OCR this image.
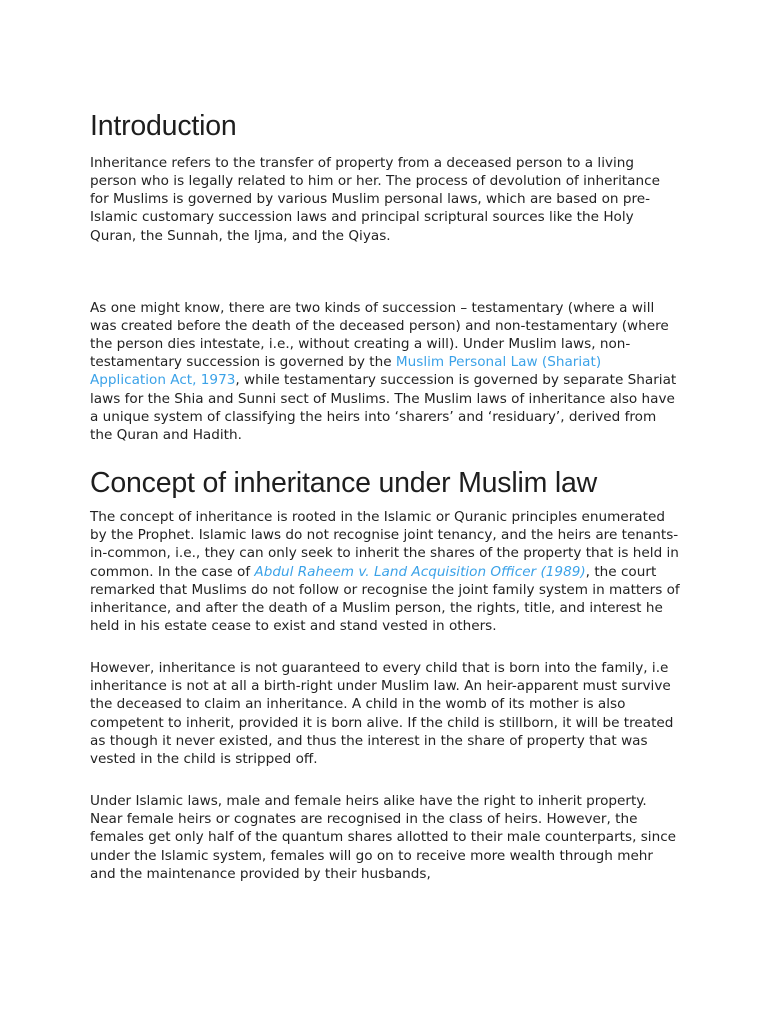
Introduction

Inheritance refers to the transfer of property from a deceased person to a living person who is legally related to him or her. The process of devolution of inheritance for Muslims is governed by various Muslim personal laws, which are based on pre-Islamic customary succession laws and principal scriptural sources like the Holy Quran, the Sunnah, the Ijma, and the Qiyas.

As one might know, there are two kinds of succession – testamentary (where a will was created before the death of the deceased person) and non-testamentary (where the person dies intestate, i.e., without creating a will). Under Muslim laws, non-testamentary succession is governed by the Muslim Personal Law (Shariat) Application Act, 1973, while testamentary succession is governed by separate Shariat laws for the Shia and Sunni sect of Muslims. The Muslim laws of inheritance also have a unique system of classifying the heirs into ‘sharers’ and ‘residuary’, derived from the Quran and Hadith.

Concept of inheritance under Muslim law

The concept of inheritance is rooted in the Islamic or Quranic principles enumerated by the Prophet. Islamic laws do not recognise joint tenancy, and the heirs are tenants-in-common, i.e., they can only seek to inherit the shares of the property that is held in common. In the case of Abdul Raheem v. Land Acquisition Officer (1989), the court remarked that Muslims do not follow or recognise the joint family system in matters of inheritance, and after the death of a Muslim person, the rights, title, and interest he held in his estate cease to exist and stand vested in others.

However, inheritance is not guaranteed to every child that is born into the family, i.e inheritance is not at all a birth-right under Muslim law. An heir-apparent must survive the deceased to claim an inheritance. A child in the womb of its mother is also competent to inherit, provided it is born alive. If the child is stillborn, it will be treated as though it never existed, and thus the interest in the share of property that was vested in the child is stripped off.

Under Islamic laws, male and female heirs alike have the right to inherit property. Near female heirs or cognates are recognised in the class of heirs. However, the females get only half of the quantum shares allotted to their male counterparts, since under the Islamic system, females will go on to receive more wealth through mehr and the maintenance provided by their husbands,
